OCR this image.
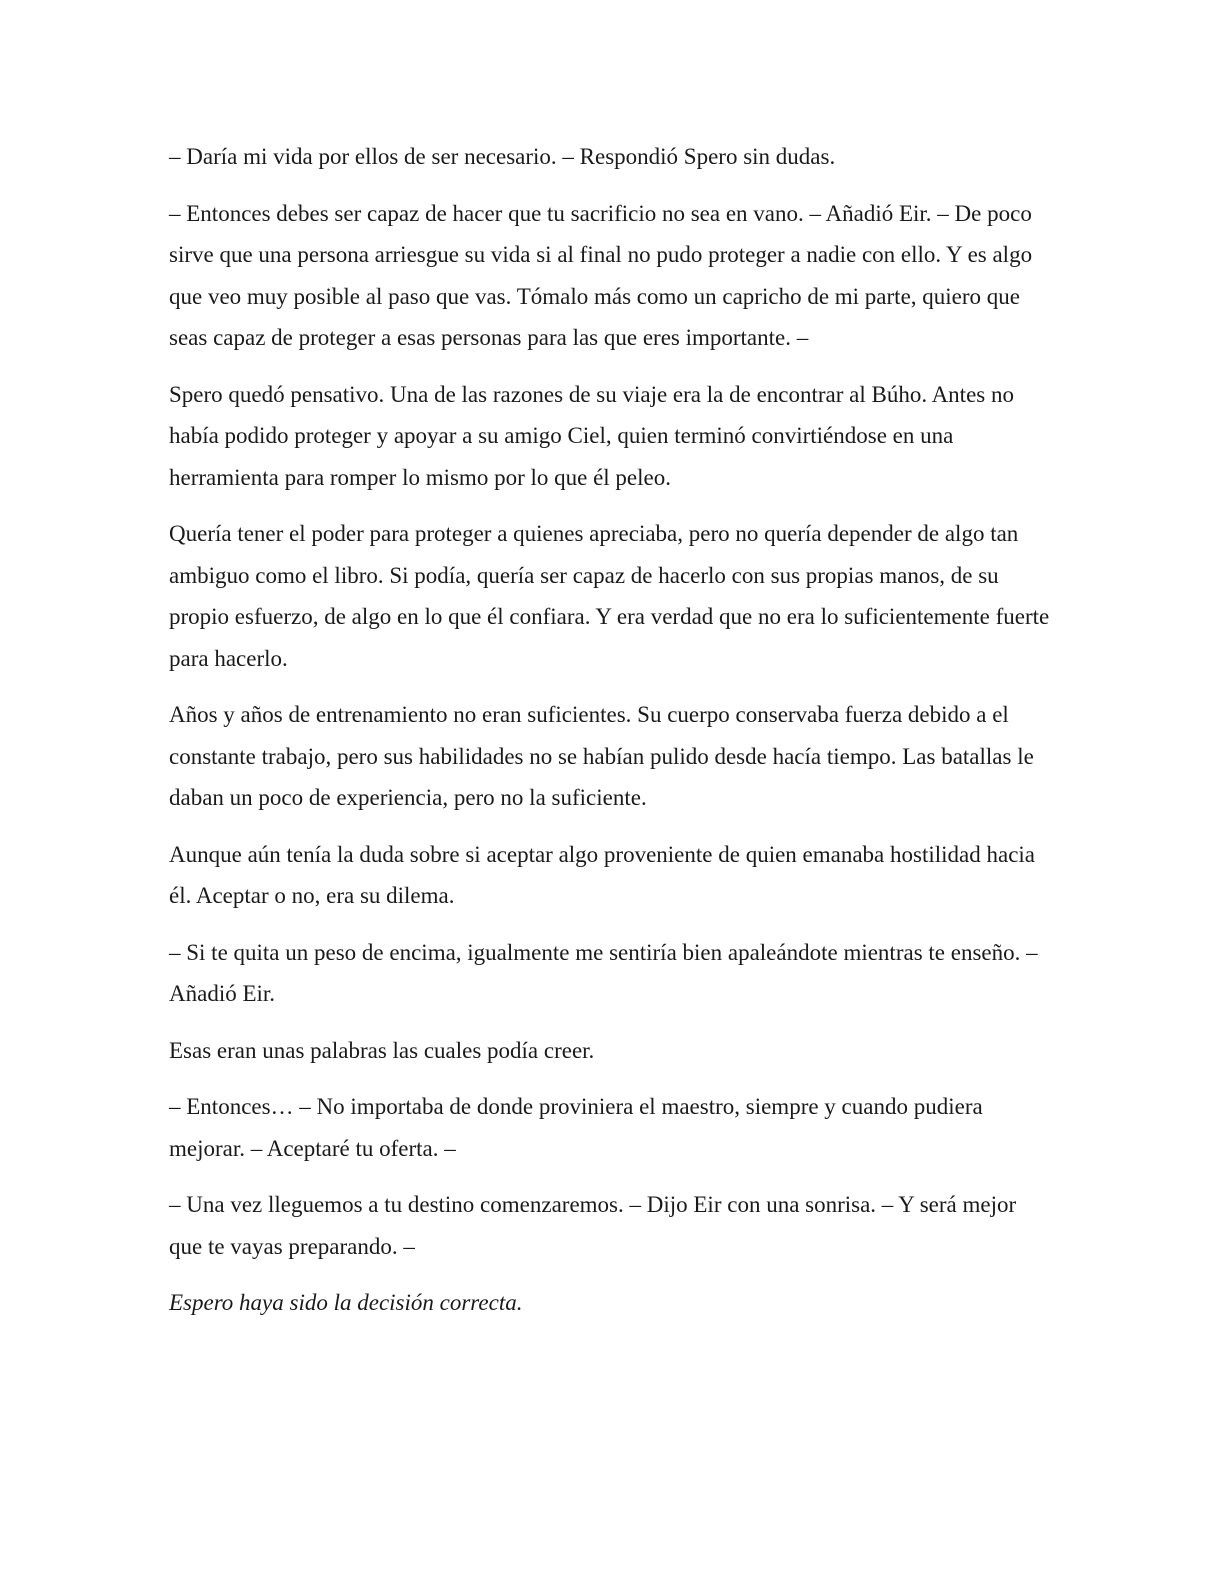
– Daría mi vida por ellos de ser necesario. – Respondió Spero sin dudas.

– Entonces debes ser capaz de hacer que tu sacrificio no sea en vano. – Añadió Eir. – De poco sirve que una persona arriesgue su vida si al final no pudo proteger a nadie con ello. Y es algo que veo muy posible al paso que vas. Tómalo más como un capricho de mi parte, quiero que seas capaz de proteger a esas personas para las que eres importante. –

Spero quedó pensativo. Una de las razones de su viaje era la de encontrar al Búho. Antes no había podido proteger y apoyar a su amigo Ciel, quien terminó convirtiéndose en una herramienta para romper lo mismo por lo que él peleo.

Quería tener el poder para proteger a quienes apreciaba, pero no quería depender de algo tan ambiguo como el libro. Si podía, quería ser capaz de hacerlo con sus propias manos, de su propio esfuerzo, de algo en lo que él confiara. Y era verdad que no era lo suficientemente fuerte para hacerlo.

Años y años de entrenamiento no eran suficientes. Su cuerpo conservaba fuerza debido a el constante trabajo, pero sus habilidades no se habían pulido desde hacía tiempo. Las batallas le daban un poco de experiencia, pero no la suficiente.

Aunque aún tenía la duda sobre si aceptar algo proveniente de quien emanaba hostilidad hacia él. Aceptar o no, era su dilema.

– Si te quita un peso de encima, igualmente me sentiría bien apaleándote mientras te enseño. – Añadió Eir.

Esas eran unas palabras las cuales podía creer.

– Entonces… – No importaba de donde proviniera el maestro, siempre y cuando pudiera mejorar. – Aceptaré tu oferta. –

– Una vez lleguemos a tu destino comenzaremos. – Dijo Eir con una sonrisa. – Y será mejor que te vayas preparando. –

Espero haya sido la decisión correcta.
